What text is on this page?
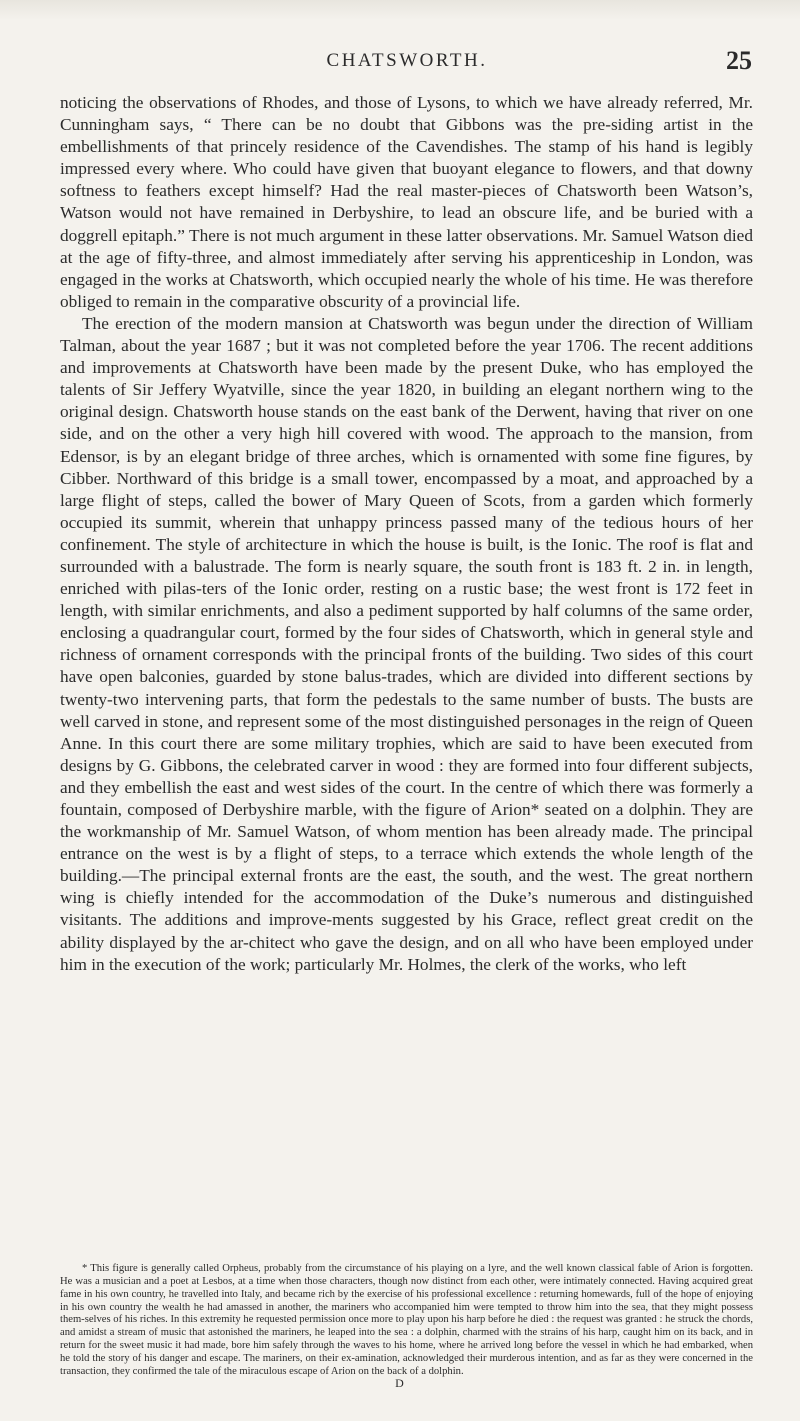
CHATSWORTH.	25

noticing the observations of Rhodes, and those of Lysons, to which we have already referred, Mr. Cunningham says, “ There can be no doubt that Gibbons was the pre-siding artist in the embellishments of that princely residence of the Cavendishes. The stamp of his hand is legibly impressed every where. Who could have given that buoyant elegance to flowers, and that downy softness to feathers except himself? Had the real master-pieces of Chatsworth been Watson’s, Watson would not have remained in Derbyshire, to lead an obscure life, and be buried with a doggrell epitaph.” There is not much argument in these latter observations. Mr. Samuel Watson died at the age of fifty-three, and almost immediately after serving his apprenticeship in London, was engaged in the works at Chatsworth, which occupied nearly the whole of his time. He was therefore obliged to remain in the comparative obscurity of a provincial life.

The erection of the modern mansion at Chatsworth was begun under the direction of William Talman, about the year 1687 ; but it was not completed before the year 1706. The recent additions and improvements at Chatsworth have been made by the present Duke, who has employed the talents of Sir Jeffery Wyatville, since the year 1820, in building an elegant northern wing to the original design. Chatsworth house stands on the east bank of the Derwent, having that river on one side, and on the other a very high hill covered with wood. The approach to the mansion, from Edensor, is by an elegant bridge of three arches, which is ornamented with some fine figures, by Cibber. Northward of this bridge is a small tower, encompassed by a moat, and approached by a large flight of steps, called the bower of Mary Queen of Scots, from a garden which formerly occupied its summit, wherein that unhappy princess passed many of the tedious hours of her confinement. The style of architecture in which the house is built, is the Ionic. The roof is flat and surrounded with a balustrade. The form is nearly square, the south front is 183 ft. 2 in. in length, enriched with pilas-ters of the Ionic order, resting on a rustic base; the west front is 172 feet in length, with similar enrichments, and also a pediment supported by half columns of the same order, enclosing a quadrangular court, formed by the four sides of Chatsworth, which in general style and richness of ornament corresponds with the principal fronts of the building. Two sides of this court have open balconies, guarded by stone balus-trades, which are divided into different sections by twenty-two intervening parts, that form the pedestals to the same number of busts. The busts are well carved in stone, and represent some of the most distinguished personages in the reign of Queen Anne. In this court there are some military trophies, which are said to have been executed from designs by G. Gibbons, the celebrated carver in wood : they are formed into four different subjects, and they embellish the east and west sides of the court. In the centre of which there was formerly a fountain, composed of Derbyshire marble, with the figure of Arion* seated on a dolphin. They are the workmanship of Mr. Samuel Watson, of whom mention has been already made. The principal entrance on the west is by a flight of steps, to a terrace which extends the whole length of the building.—The principal external fronts are the east, the south, and the west. The great northern wing is chiefly intended for the accommodation of the Duke’s numerous and distinguished visitants. The additions and improve-ments suggested by his Grace, reflect great credit on the ability displayed by the ar-chitect who gave the design, and on all who have been employed under him in the execution of the work; particularly Mr. Holmes, the clerk of the works, who left

* This figure is generally called Orpheus, probably from the circumstance of his playing on a lyre, and the well known classical fable of Arion is forgotten. He was a musician and a poet at Lesbos, at a time when those characters, though now distinct from each other, were intimately connected. Having acquired great fame in his own country, he travelled into Italy, and became rich by the exercise of his professional excellence : returning homewards, full of the hope of enjoying in his own country the wealth he had amassed in another, the mariners who accompanied him were tempted to throw him into the sea, that they might possess them-selves of his riches. In this extremity he requested permission once more to play upon his harp before he died : the request was granted : he struck the chords, and amidst a stream of music that astonished the mariners, he leaped into the sea : a dolphin, charmed with the strains of his harp, caught him on its back, and in return for the sweet music it had made, bore him safely through the waves to his home, where he arrived long before the vessel in which he had embarked, when he told the story of his danger and escape. The mariners, on their ex-amination, acknowledged their murderous intention, and as far as they were concerned in the transaction, they confirmed the tale of the miraculous escape of Arion on the back of a dolphin.
D
